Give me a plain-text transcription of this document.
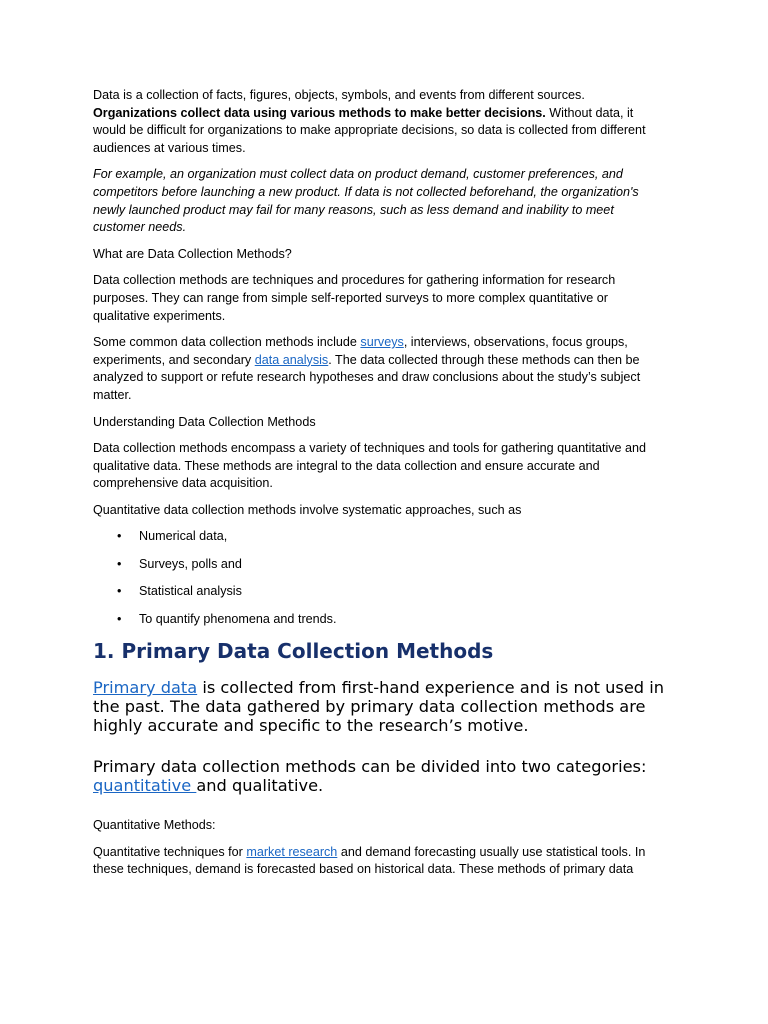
Data is a collection of facts, figures, objects, symbols, and events from different sources. Organizations collect data using various methods to make better decisions. Without data, it would be difficult for organizations to make appropriate decisions, so data is collected from different audiences at various times.

For example, an organization must collect data on product demand, customer preferences, and competitors before launching a new product. If data is not collected beforehand, the organization's newly launched product may fail for many reasons, such as less demand and inability to meet customer needs.

What are Data Collection Methods?

Data collection methods are techniques and procedures for gathering information for research purposes. They can range from simple self-reported surveys to more complex quantitative or qualitative experiments.

Some common data collection methods include surveys, interviews, observations, focus groups, experiments, and secondary data analysis. The data collected through these methods can then be analyzed to support or refute research hypotheses and draw conclusions about the study’s subject matter.

Understanding Data Collection Methods

Data collection methods encompass a variety of techniques and tools for gathering quantitative and qualitative data. These methods are integral to the data collection and ensure accurate and comprehensive data acquisition.

Quantitative data collection methods involve systematic approaches, such as

• Numerical data,
• Surveys, polls and
• Statistical analysis
• To quantify phenomena and trends.
1. Primary Data Collection Methods

Primary data is collected from first-hand experience and is not used in the past. The data gathered by primary data collection methods are highly accurate and specific to the research’s motive.

Primary data collection methods can be divided into two categories: quantitative and qualitative.

Quantitative Methods:

Quantitative techniques for market research and demand forecasting usually use statistical tools. In these techniques, demand is forecasted based on historical data. These methods of primary data
